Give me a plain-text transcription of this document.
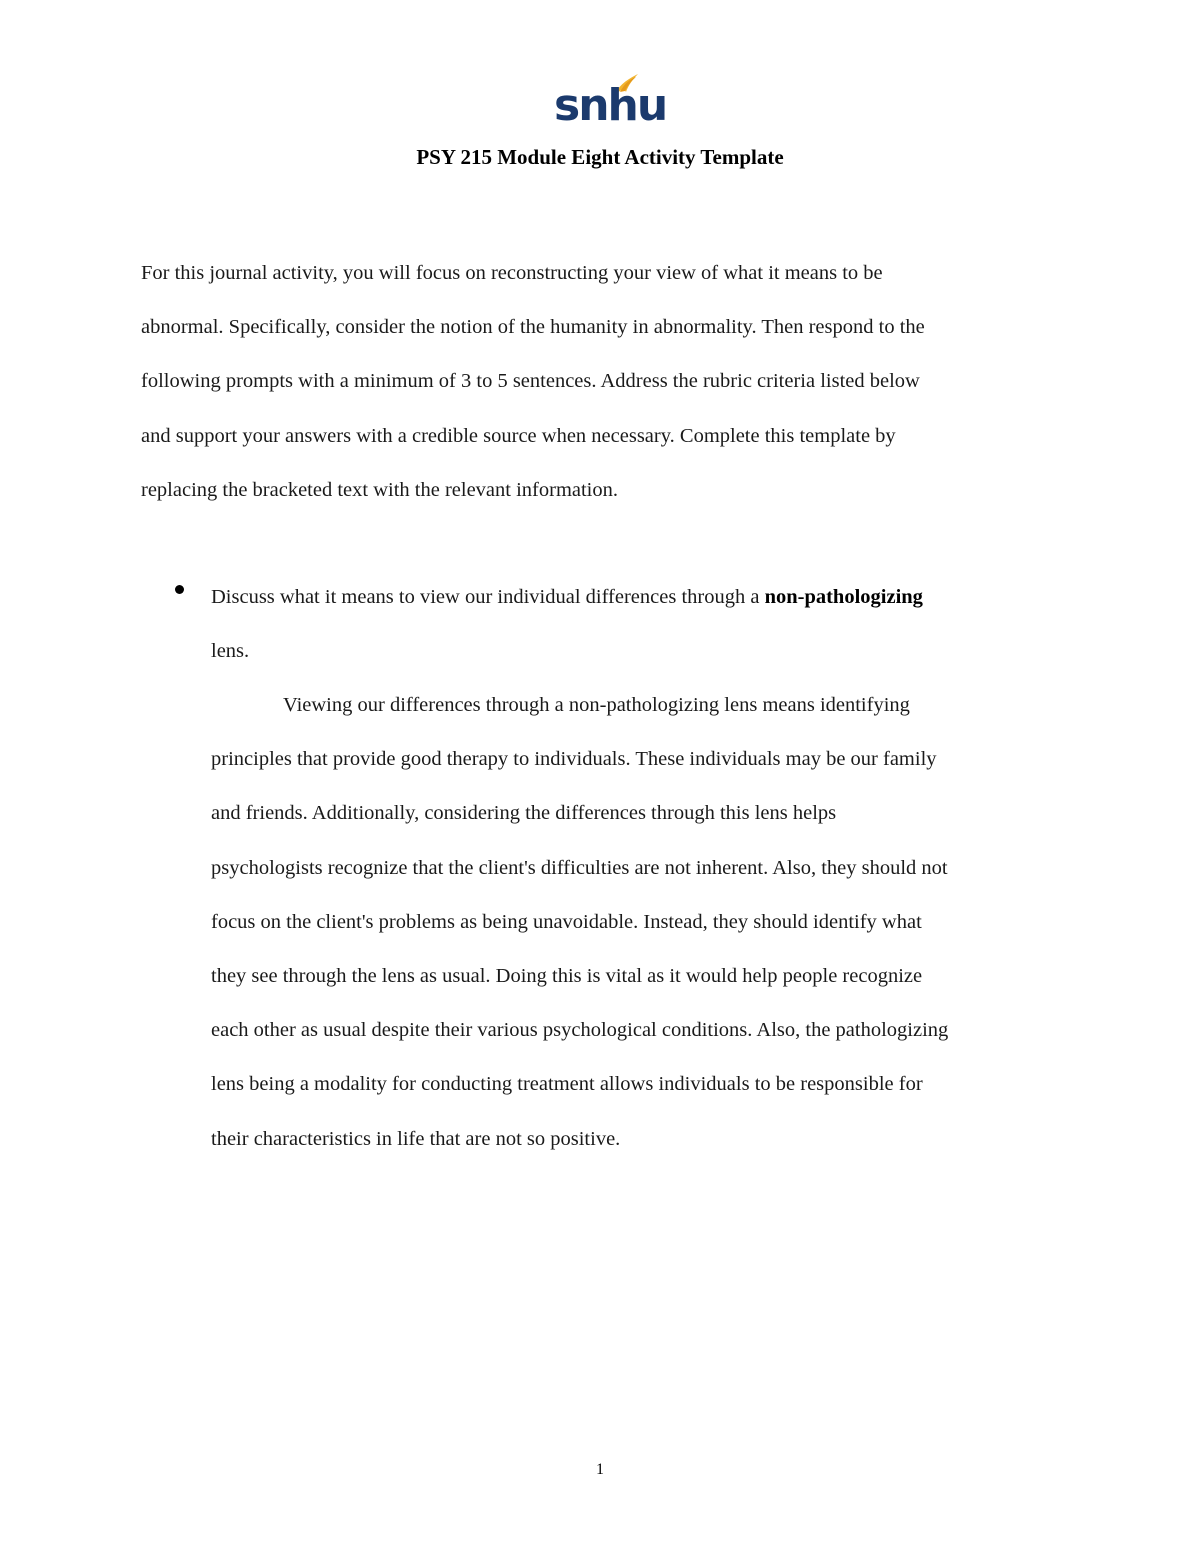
snhu
PSY 215 Module Eight Activity Template

For this journal activity, you will focus on reconstructing your view of what it means to be
abnormal. Specifically, consider the notion of the humanity in abnormality. Then respond to the
following prompts with a minimum of 3 to 5 sentences. Address the rubric criteria listed below
and support your answers with a credible source when necessary. Complete this template by
replacing the bracketed text with the relevant information.

Discuss what it means to view our individual differences through a non-pathologizing
lens.
Viewing our differences through a non-pathologizing lens means identifying
principles that provide good therapy to individuals. These individuals may be our family
and friends. Additionally, considering the differences through this lens helps
psychologists recognize that the client's difficulties are not inherent. Also, they should not
focus on the client's problems as being unavoidable. Instead, they should identify what
they see through the lens as usual. Doing this is vital as it would help people recognize
each other as usual despite their various psychological conditions. Also, the pathologizing
lens being a modality for conducting treatment allows individuals to be responsible for
their characteristics in life that are not so positive.
1
